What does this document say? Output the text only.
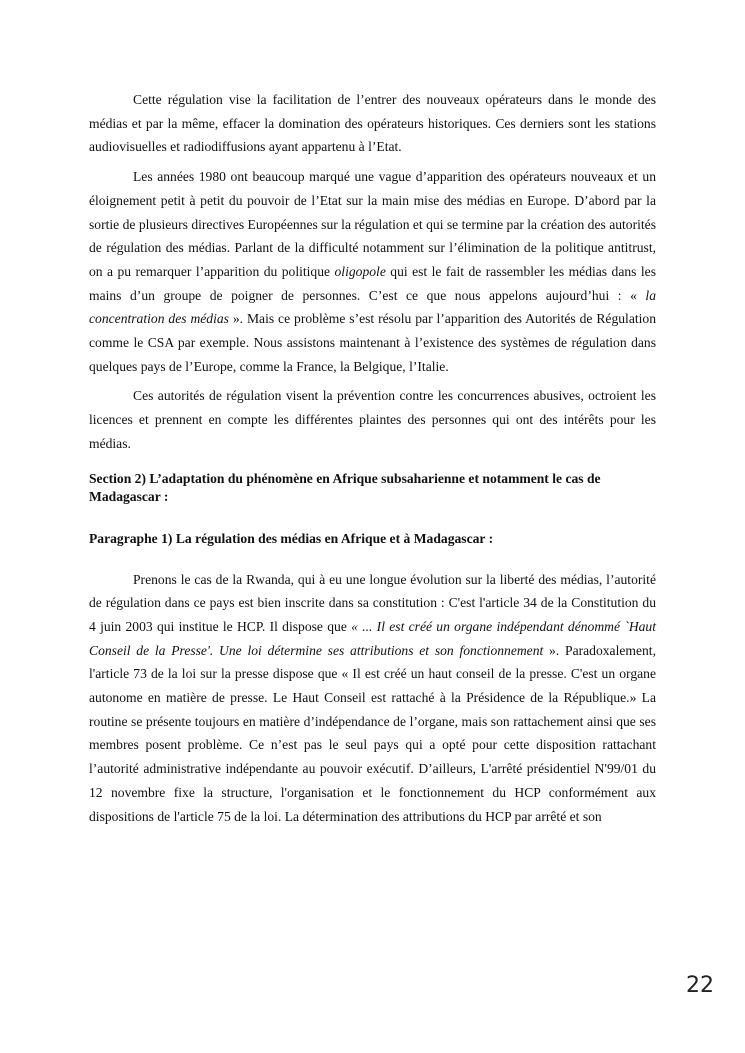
Cette régulation vise la facilitation de l’entrer des nouveaux opérateurs dans le monde des médias et par la même, effacer la domination des opérateurs historiques. Ces derniers sont les stations audiovisuelles et radiodiffusions ayant appartenu à l’Etat.

Les années 1980 ont beaucoup marqué une vague d’apparition des opérateurs nouveaux et un éloignement petit à petit du pouvoir de l’Etat sur la main mise des médias en Europe. D’abord par la sortie de plusieurs directives Européennes sur la régulation et qui se termine par la création des autorités de régulation des médias. Parlant de la difficulté notamment sur l’élimination de la politique antitrust, on a pu remarquer l’apparition du politique oligopole qui est le fait de rassembler les médias dans les mains d’un groupe de poigner de personnes. C’est ce que nous appelons aujourd’hui : « la concentration des médias ». Mais ce problème s’est résolu par l’apparition des Autorités de Régulation comme le CSA par exemple. Nous assistons maintenant à l’existence des systèmes de régulation dans quelques pays de l’Europe, comme la France, la Belgique, l’Italie.

Ces autorités de régulation visent la prévention contre les concurrences abusives, octroient les licences et prennent en compte les différentes plaintes des personnes qui ont des intérêts pour les médias.

Section 2) L’adaptation du phénomène en Afrique subsaharienne et notamment le cas de Madagascar :
Paragraphe 1) La régulation des médias en Afrique et à Madagascar :

Prenons le cas de la Rwanda, qui à eu une longue évolution sur la liberté des médias, l’autorité de régulation dans ce pays est bien inscrite dans sa constitution : C'est l'article 34 de la Constitution du 4 juin 2003 qui institue le HCP. Il dispose que « ... Il est créé un organe indépendant dénommé `Haut Conseil de la Presse'. Une loi détermine ses attributions et son fonctionnement ». Paradoxalement, l'article 73 de la loi sur la presse dispose que « Il est créé un haut conseil de la presse. C'est un organe autonome en matière de presse. Le Haut Conseil est rattaché à la Présidence de la République.» La routine se présente toujours en matière d’indépendance de l’organe, mais son rattachement ainsi que ses membres posent problème. Ce n’est pas le seul pays qui a opté pour cette disposition rattachant l’autorité administrative indépendante au pouvoir exécutif. D’ailleurs, L'arrêté présidentiel N'99/01 du 12 novembre fixe la structure, l'organisation et le fonctionnement du HCP conformément aux dispositions de l'article 75 de la loi. La détermination des attributions du HCP par arrêté et son

22
